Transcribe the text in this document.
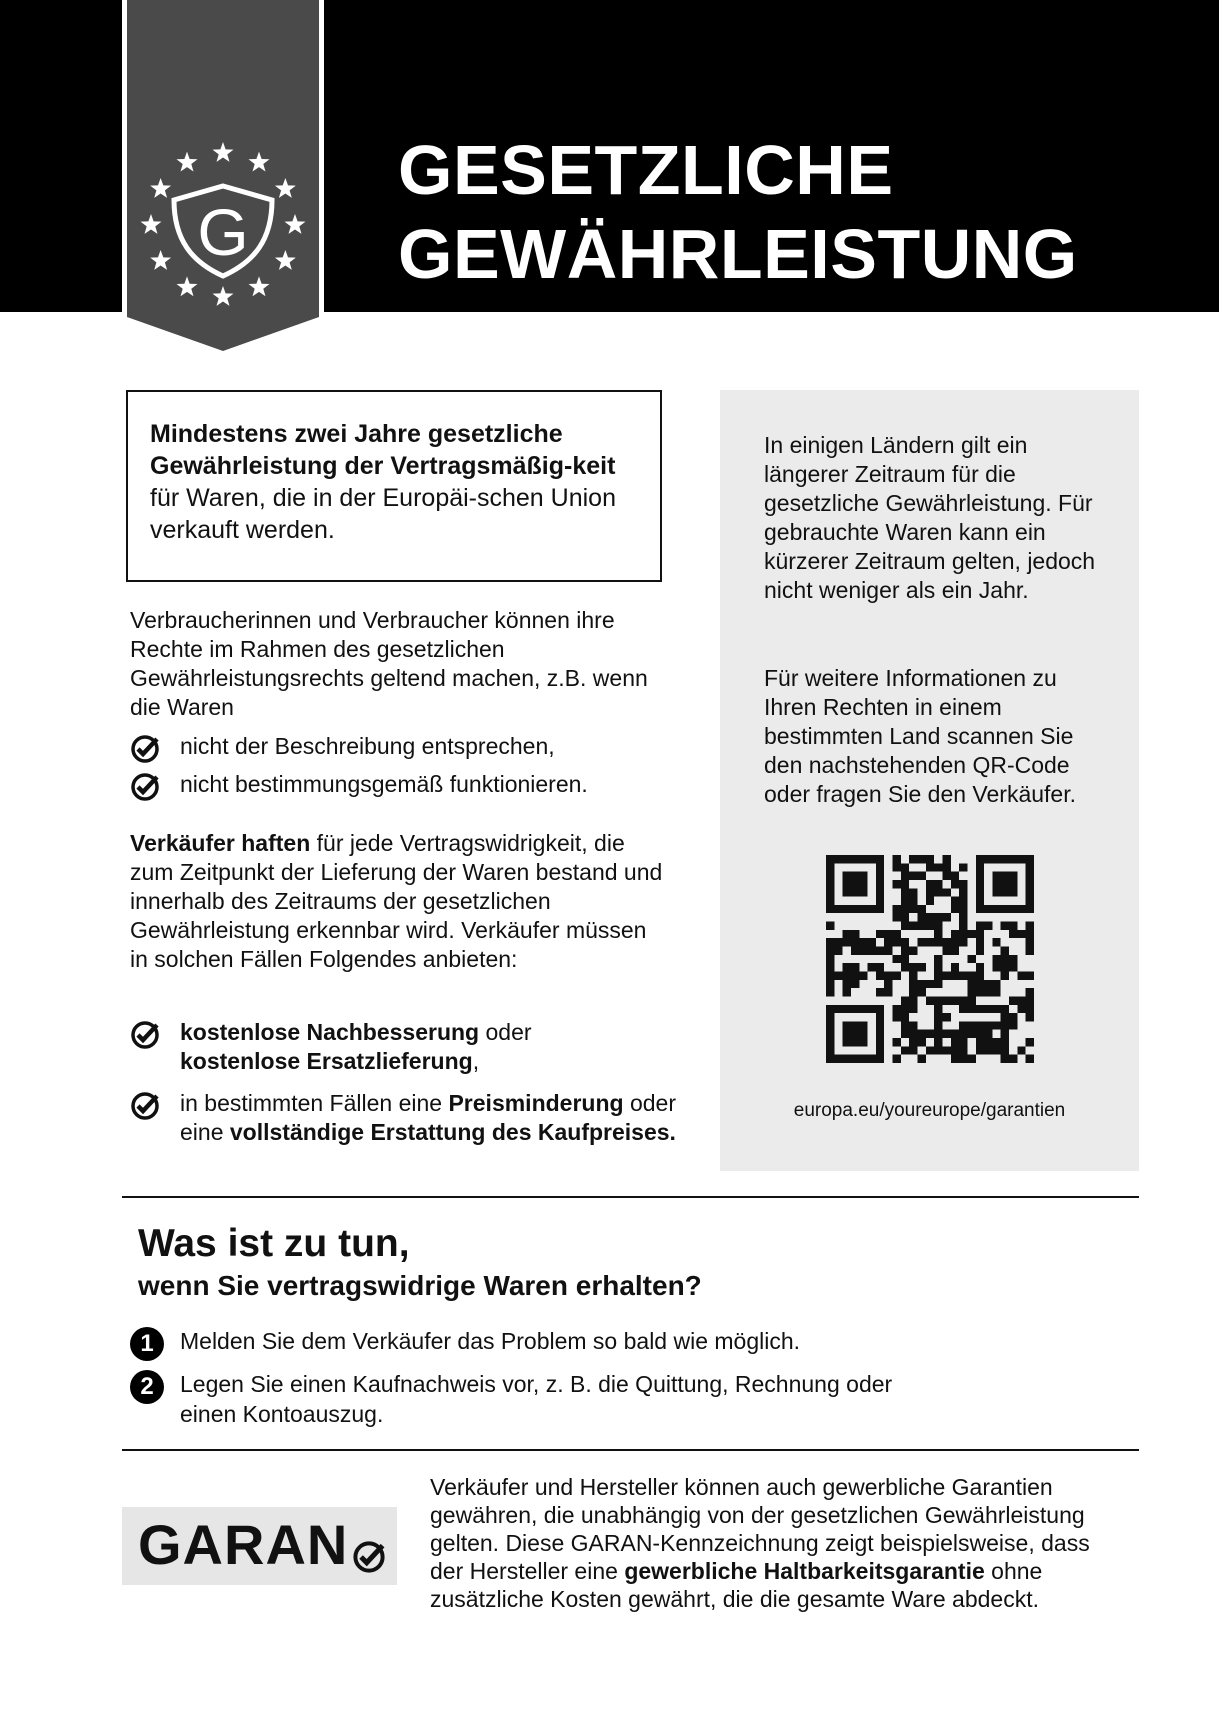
G
GESETZLICHE
GEWÄHRLEISTUNG
Mindestens zwei Jahre gesetzliche Gewährleistung der Vertragsmäßig-keit für Waren, die in der Europäi-schen Union verkauft werden.
In einigen Ländern gilt ein längerer Zeitraum für die gesetzliche Gewährleistung. Für gebrauchte Waren kann ein kürzerer Zeitraum gelten, jedoch nicht weniger als ein Jahr.
Für weitere Informationen zu Ihren Rechten in einem bestimmten Land scannen Sie den nachstehenden QR-Code oder fragen Sie den Verkäufer.
europa.eu/youreurope/garantien
Verbraucherinnen und Verbraucher können ihre Rechte im Rahmen des gesetzlichen Gewährleistungsrechts geltend machen, z.B. wenn die Waren
nicht der Beschreibung entsprechen,
nicht bestimmungsgemäß funktionieren.
Verkäufer haften für jede Vertragswidrigkeit, die zum Zeitpunkt der Lieferung der Waren bestand und innerhalb des Zeitraums der gesetzlichen Gewährleistung erkennbar wird. Verkäufer müssen in solchen Fällen Folgendes anbieten:
kostenlose Nachbesserung oder kostenlose Ersatzlieferung,
in bestimmten Fällen eine Preisminderung oder eine vollständige Erstattung des Kaufpreises.
Was ist zu tun,
wenn Sie vertragswidrige Waren erhalten?
1	Melden Sie dem Verkäufer das Problem so bald wie möglich.
2	Legen Sie einen Kaufnachweis vor, z. B. die Quittung, Rechnung oder einen Kontoauszug.
GARAN
Verkäufer und Hersteller können auch gewerbliche Garantien gewähren, die unabhängig von der gesetzlichen Gewährleistung gelten. Diese GARAN-Kennzeichnung zeigt beispielsweise, dass der Hersteller eine gewerbliche Haltbarkeitsgarantie ohne zusätzliche Kosten gewährt, die die gesamte Ware abdeckt.
